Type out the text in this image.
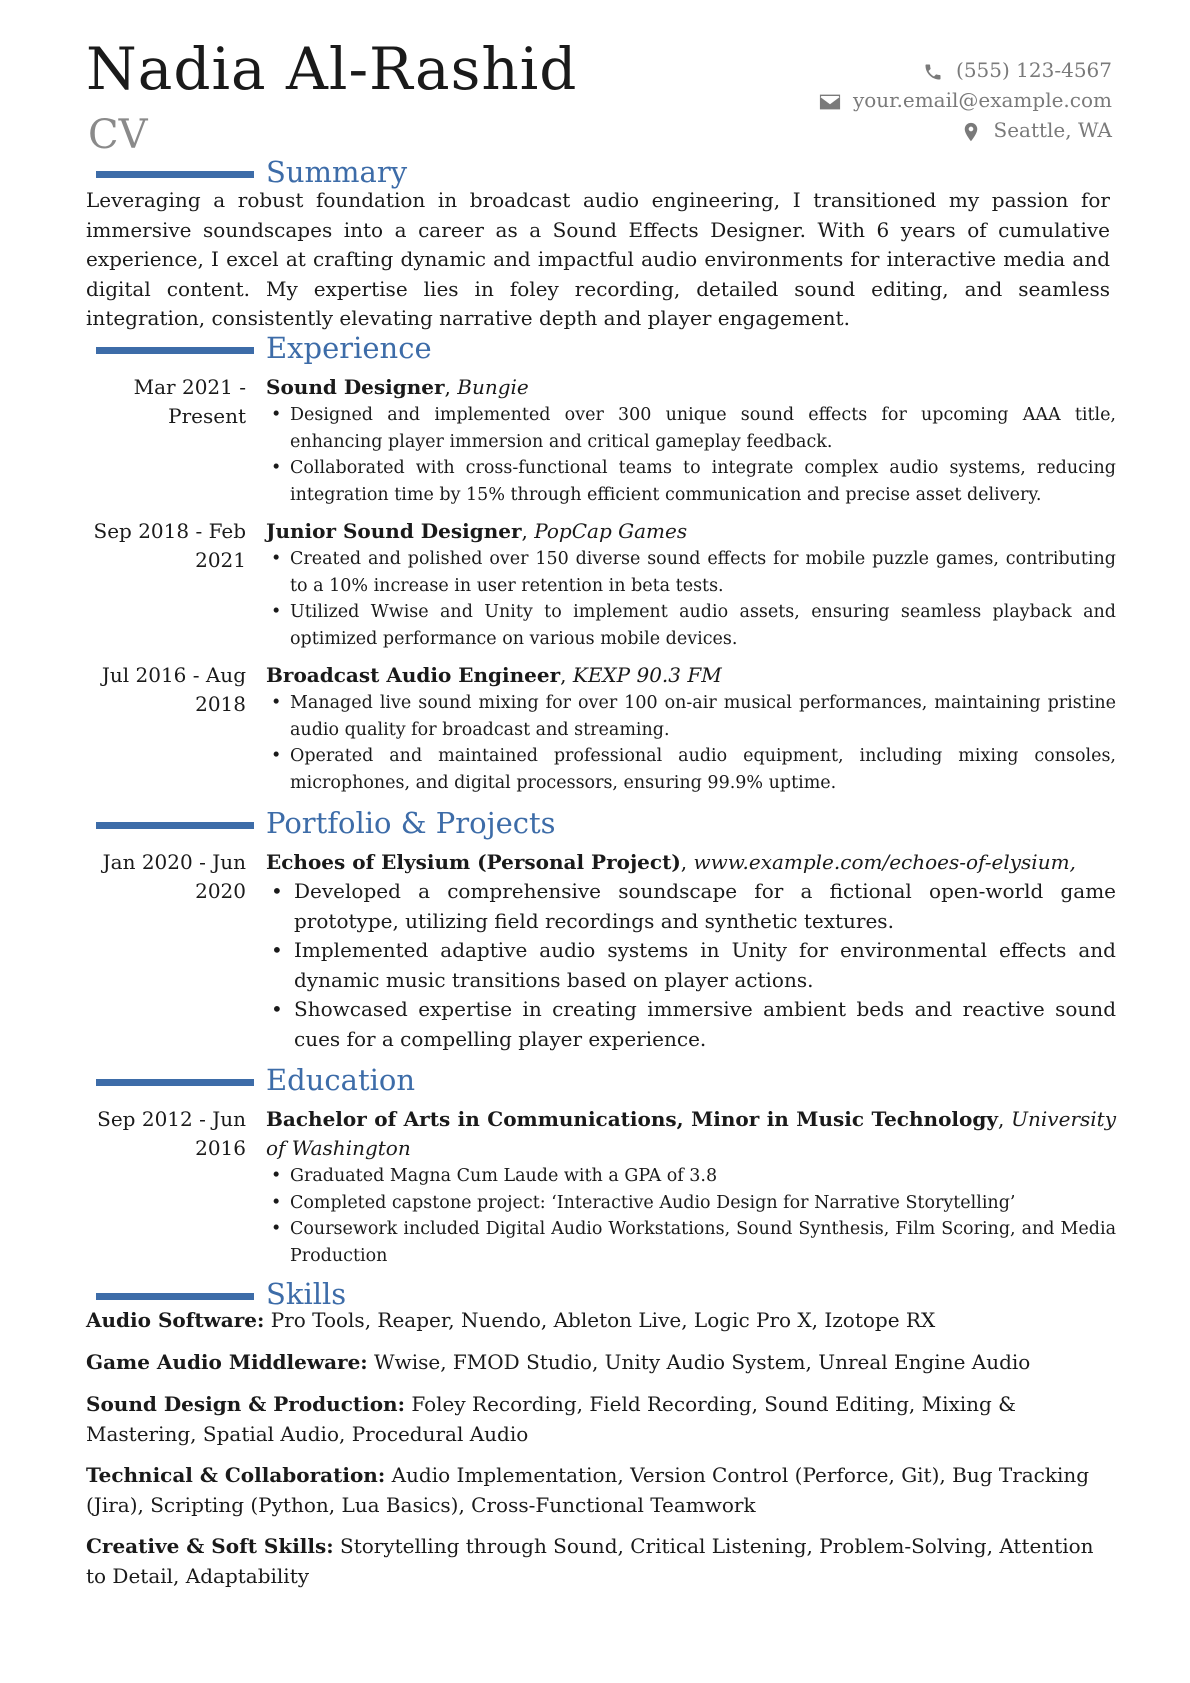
Nadia Al-Rashid
CV
(555) 123-4567
your.email@example.com
Seattle, WA
Summary
Leveraging a robust foundation in broadcast audio engineering, I transitioned my passion for immersive soundscapes into a career as a Sound Effects Designer. With 6 years of cumulative experience, I excel at crafting dynamic and impactful audio environments for interactive media and digital content. My expertise lies in foley recording, detailed sound editing, and seamless integration, consistently elevating narrative depth and player engagement.
Experience
Mar 2021 - Present
Sound Designer, Bungie
• Designed and implemented over 300 unique sound effects for upcoming AAA title, enhancing player immersion and critical gameplay feedback.
• Collaborated with cross-functional teams to integrate complex audio systems, reducing integration time by 15% through efficient communication and precise asset delivery.
Sep 2018 - Feb 2021
Junior Sound Designer, PopCap Games
• Created and polished over 150 diverse sound effects for mobile puzzle games, contributing to a 10% increase in user retention in beta tests.
• Utilized Wwise and Unity to implement audio assets, ensuring seamless playback and optimized performance on various mobile devices.
Jul 2016 - Aug 2018
Broadcast Audio Engineer, KEXP 90.3 FM
• Managed live sound mixing for over 100 on-air musical performances, maintaining pristine audio quality for broadcast and streaming.
• Operated and maintained professional audio equipment, including mixing consoles, microphones, and digital processors, ensuring 99.9% uptime.
Portfolio & Projects
Jan 2020 - Jun 2020
Echoes of Elysium (Personal Project), www.example.com/echoes-of-elysium,
• Developed a comprehensive soundscape for a fictional open-world game prototype, utilizing field recordings and synthetic textures.
• Implemented adaptive audio systems in Unity for environmental effects and dynamic music transitions based on player actions.
• Showcased expertise in creating immersive ambient beds and reactive sound cues for a compelling player experience.
Education
Sep 2012 - Jun 2016
Bachelor of Arts in Communications, Minor in Music Technology, University of Washington
• Graduated Magna Cum Laude with a GPA of 3.8
• Completed capstone project: ‘Interactive Audio Design for Narrative Storytelling’
• Coursework included Digital Audio Workstations, Sound Synthesis, Film Scoring, and Media Production
Skills
Audio Software: Pro Tools, Reaper, Nuendo, Ableton Live, Logic Pro X, Izotope RX
Game Audio Middleware: Wwise, FMOD Studio, Unity Audio System, Unreal Engine Audio
Sound Design & Production: Foley Recording, Field Recording, Sound Editing, Mixing & Mastering, Spatial Audio, Procedural Audio
Technical & Collaboration: Audio Implementation, Version Control (Perforce, Git), Bug Tracking (Jira), Scripting (Python, Lua Basics), Cross-Functional Teamwork
Creative & Soft Skills: Storytelling through Sound, Critical Listening, Problem-Solving, Attention to Detail, Adaptability
